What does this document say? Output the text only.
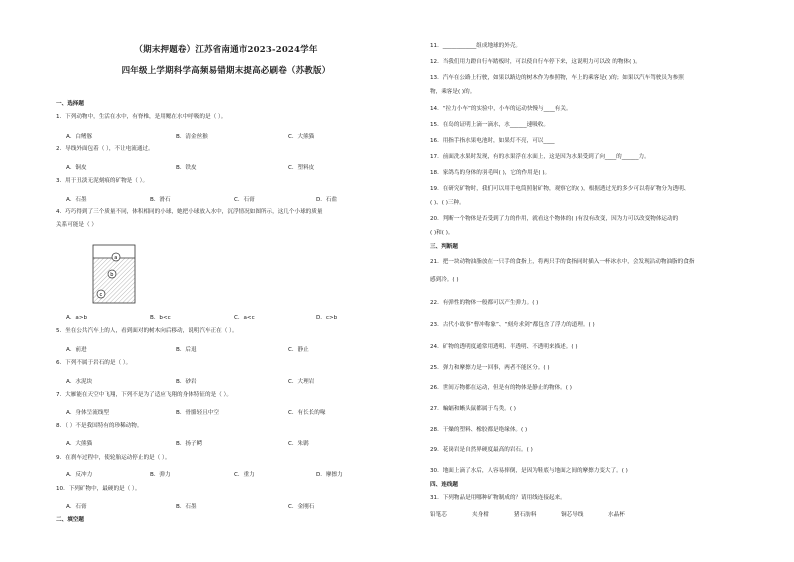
（期末押题卷）江苏省南通市2023-2024学年
四年级上学期科学高频易错期末提高必刷卷（苏教版）
一、选择题
1．下列动物中，生活在水中，有脊椎，是用鳃在水中呼吸的是（ ）。
A．白鳍豚	B．清金丝猴	C．大熊猫
2．导线外面包着（ ），不让电流通过。
A．铜皮	B．铁皮	C．塑料皮
3．用于丑淡无泥刻痕的矿物是（ ）。
A．石墨	B．滑石	C．石膏	D．石盐
4．巧巧得到了三个质量不同，体积相同的小球，她把小球放入水中，沉浮情况如图所示，这几个小球的质量
关系可能是（ ）
a
b
c
A．a>b	B．b<c	C．a<c	D．c>b
5．坐在公共汽车上的人，看到面对的树木向后移动，说明汽车正在（ ）。
A．前进	B．后退	C．静止
6．下列不属于岩石的是（ ）。
A．水泥块	B．砂岩	C．大理岩
7．大雁能在天空中飞翔，下列不是为了适应飞翔的身体特征的是（ ）。
A．身体呈流线型	B．骨骼轻且中空	C．有长长的喙
8．（ ）不是我国特有的珍稀动物。
A．大熊猫	B．扬子鳄	C．朱鹮
9．在刹车过程中，使轮胎运动停止的是（ ）。
A．反冲力	B．弹力	C．重力	D．摩擦力
10．下列矿物中，最硬的是（ ）。
A．石膏	B．石墨	C．金刚石
二、填空题
11．____________组成地球的外壳。
12．当我们用力蹬自行车踏板时，可以使自行车停下来，这说明力可以改 的物体( )。
13．汽车在公路上行驶，如果以路边的树木作为参照物，车上的乘客是( )的；如果以汽车驾驶员为参照
物，乘客是( )的。
14．“拉力小车”的实验中，小车的运动快慢与____有关。
15．在岛的证明上滴一滴水，水______速吸收。
16．用指手指水果电池时，如果灯不亮，可以____
17．前面洗水果时发现，有的水果浮在水面上，这是因为水果受到了向____的______力。
18．家鸽鸟的身体的羽毛叫( )，它的作用是( )。
19．在研究矿物时，我们可以用手电筒照射矿物，观察它的( )，根据透过光的多少可以将矿物分为透明、
( )、( )三种。
20．判断一个物体是否受到了力的作用，就看这个物体的( )有没有改变，因为力可以改变物体运动的
( )和( )。
三、判断题
21．把一块动物油脂放在一只手的食指上，将两只手的食指同时插入一杯冰水中，会发现沾动物油脂的食指
感到冷。( )
22．有弹性的物体一般都可以产生弹力。( )
23．古代小故事“曹冲称象”、“刻舟求剑”都包含了浮力的道理。( )
24．矿物的透明度通常用透明、半透明、不透明来描述。( )
25．弹力和摩擦力是一回事，两者不能区分。( )
26．世间万物都在运动，但是有的物体是静止的物体。( )
27．蝙蝠和蜥头鼠都属于鸟类。( )
28．干燥的塑料、橡胶都是绝缘体。( )
29．花岗岩是自然界硬度最高的岩石。( )
30．地面上滴了水后，人容易摔倒，是因为鞋底与地面之间的摩擦力变大了。( )
四、连线题
31．下列物品是用哪种矿物制成的？请用线连接起来。
铅笔芯	夹身柑	猪石肪料	铜芯导线	水晶杯
